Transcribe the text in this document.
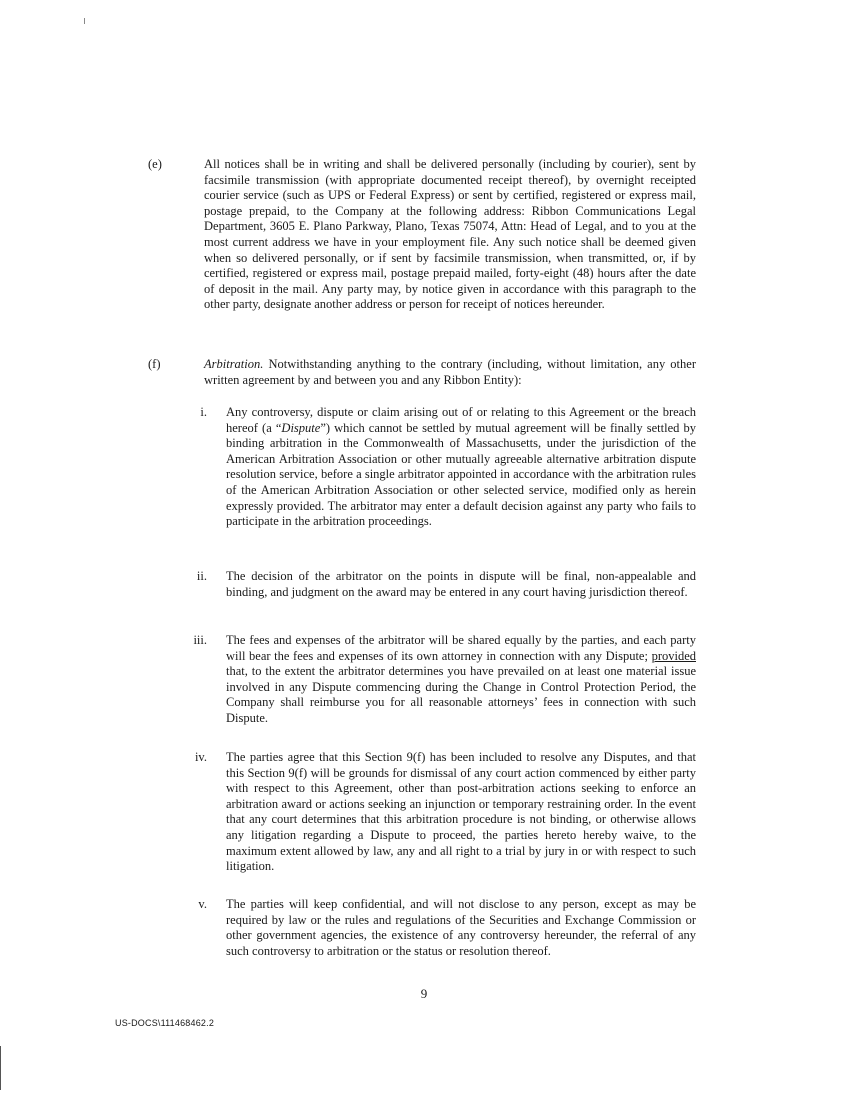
(e)	All notices shall be in writing and shall be delivered personally (including by courier), sent by facsimile transmission (with appropriate documented receipt thereof), by overnight receipted courier service (such as UPS or Federal Express) or sent by certified, registered or express mail, postage prepaid, to the Company at the following address: Ribbon Communications Legal Department, 3605 E. Plano Parkway, Plano, Texas 75074, Attn: Head of Legal, and to you at the most current address we have in your employment file. Any such notice shall be deemed given when so delivered personally, or if sent by facsimile transmission, when transmitted, or, if by certified, registered or express mail, postage prepaid mailed, forty-eight (48) hours after the date of deposit in the mail. Any party may, by notice given in accordance with this paragraph to the other party, designate another address or person for receipt of notices hereunder.

(f)	Arbitration. Notwithstanding anything to the contrary (including, without limitation, any other written agreement by and between you and any Ribbon Entity):

i. Any controversy, dispute or claim arising out of or relating to this Agreement or the breach hereof (a “Dispute”) which cannot be settled by mutual agreement will be finally settled by binding arbitration in the Commonwealth of Massachusetts, under the jurisdiction of the American Arbitration Association or other mutually agreeable alternative arbitration dispute resolution service, before a single arbitrator appointed in accordance with the arbitration rules of the American Arbitration Association or other selected service, modified only as herein expressly provided. The arbitrator may enter a default decision against any party who fails to participate in the arbitration proceedings.

ii. The decision of the arbitrator on the points in dispute will be final, non-appealable and binding, and judgment on the award may be entered in any court having jurisdiction thereof.

iii. The fees and expenses of the arbitrator will be shared equally by the parties, and each party will bear the fees and expenses of its own attorney in connection with any Dispute; provided that, to the extent the arbitrator determines you have prevailed on at least one material issue involved in any Dispute commencing during the Change in Control Protection Period, the Company shall reimburse you for all reasonable attorneys’ fees in connection with such Dispute.

iv. The parties agree that this Section 9(f) has been included to resolve any Disputes, and that this Section 9(f) will be grounds for dismissal of any court action commenced by either party with respect to this Agreement, other than post-arbitration actions seeking to enforce an arbitration award or actions seeking an injunction or temporary restraining order. In the event that any court determines that this arbitration procedure is not binding, or otherwise allows any litigation regarding a Dispute to proceed, the parties hereto hereby waive, to the maximum extent allowed by law, any and all right to a trial by jury in or with respect to such litigation.

v. The parties will keep confidential, and will not disclose to any person, except as may be required by law or the rules and regulations of the Securities and Exchange Commission or other government agencies, the existence of any controversy hereunder, the referral of any such controversy to arbitration or the status or resolution thereof.

9
US-DOCS\111468462.2
